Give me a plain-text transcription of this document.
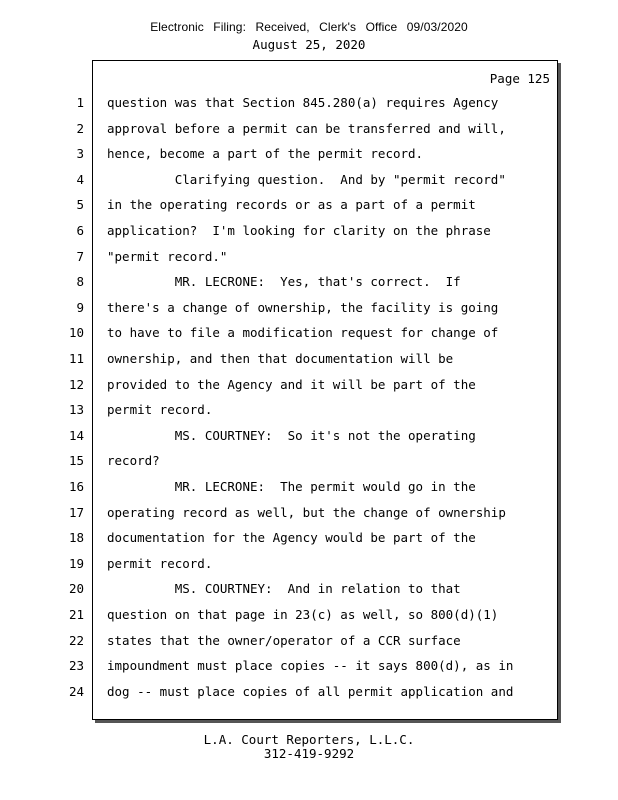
Electronic Filing: Received, Clerk's Office 09/03/2020
August 25, 2020
Page 125
1 question was that Section 845.280(a) requires Agency
2 approval before a permit can be transferred and will,
3 hence, become a part of the permit record.
4 Clarifying question.  And by "permit record"
5 in the operating records or as a part of a permit
6 application?  I'm looking for clarity on the phrase
7 "permit record."
8 MR. LECRONE:  Yes, that's correct.  If
9 there's a change of ownership, the facility is going
10 to have to file a modification request for change of
11 ownership, and then that documentation will be
12 provided to the Agency and it will be part of the
13 permit record.
14 MS. COURTNEY:  So it's not the operating
15 record?
16 MR. LECRONE:  The permit would go in the
17 operating record as well, but the change of ownership
18 documentation for the Agency would be part of the
19 permit record.
20 MS. COURTNEY:  And in relation to that
21 question on that page in 23(c) as well, so 800(d)(1)
22 states that the owner/operator of a CCR surface
23 impoundment must place copies -- it says 800(d), as in
24 dog -- must place copies of all permit application and
L.A. Court Reporters, L.L.C.
312-419-9292
